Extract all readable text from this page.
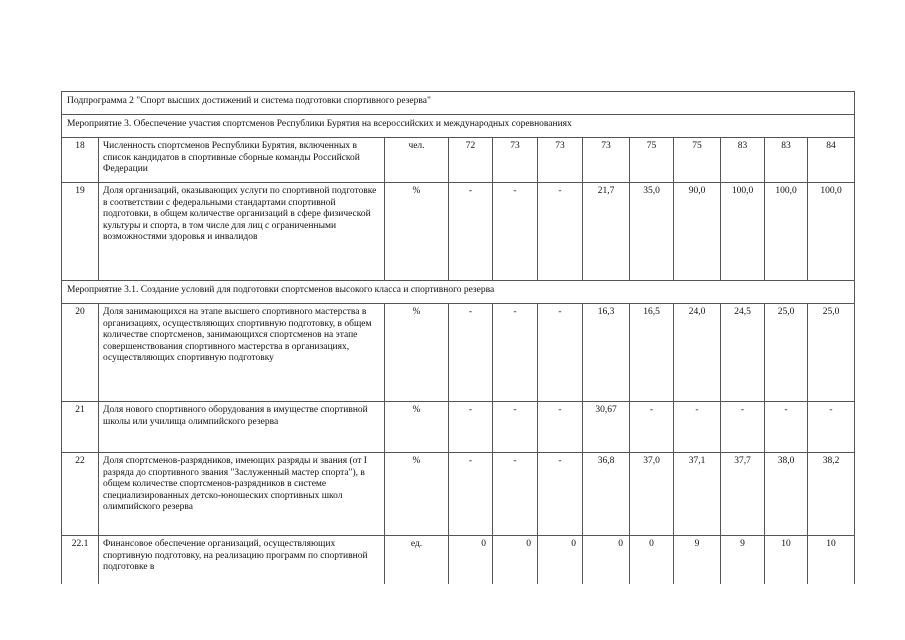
Подпрограмма 2 "Спорт высших достижений и система подготовки спортивного резерва"											
Мероприятие 3. Обеспечение участия спортсменов Республики Бурятия на всероссийских и международных соревнованиях											
18	Численность спортсменов Республики Бурятия, включенных в список кандидатов в спортивные сборные команды Российской Федерации	чел.	72	73	73	73	75	75	83	83	84
19	Доля организаций, оказывающих услуги по спортивной подготовке в соответствии с федеральными стандартами спортивной подготовки, в общем количестве организаций в сфере физической культуры и спорта, в том числе для лиц с ограниченными возможностями здоровья и инвалидов	%	-	-	-	21,7	35,0	90,0	100,0	100,0	100,0
Мероприятие 3.1. Создание условий для подготовки спортсменов высокого класса и спортивного резерва											
20	Доля занимающихся на этапе высшего спортивного мастерства в организациях, осуществляющих спортивную подготовку, в общем количестве спортсменов, занимающихся спортсменов на этапе совершенствования спортивного мастерства в организациях, осуществляющих спортивную подготовку	%	-	-	-	16,3	16,5	24,0	24,5	25,0	25,0
21	Доля нового спортивного оборудования в имуществе спортивной школы или училища олимпийского резерва	%	-	-	-	30,67	-	-	-	-	-
22	Доля спортсменов-разрядников, имеющих разряды и звания (от I разряда до спортивного звания "Заслуженный мастер спорта"), в общем количестве спортсменов-разрядников в системе специализированных детско-юношеских спортивных школ олимпийского резерва	%	-	-	-	36,8	37,0	37,1	37,7	38,0	38,2
22.1	Финансовое обеспечение организаций, осуществляющих спортивную подготовку, на реализацию программ по спортивной подготовке в	ед.	0	0	0	0	0	9	9	10	10
